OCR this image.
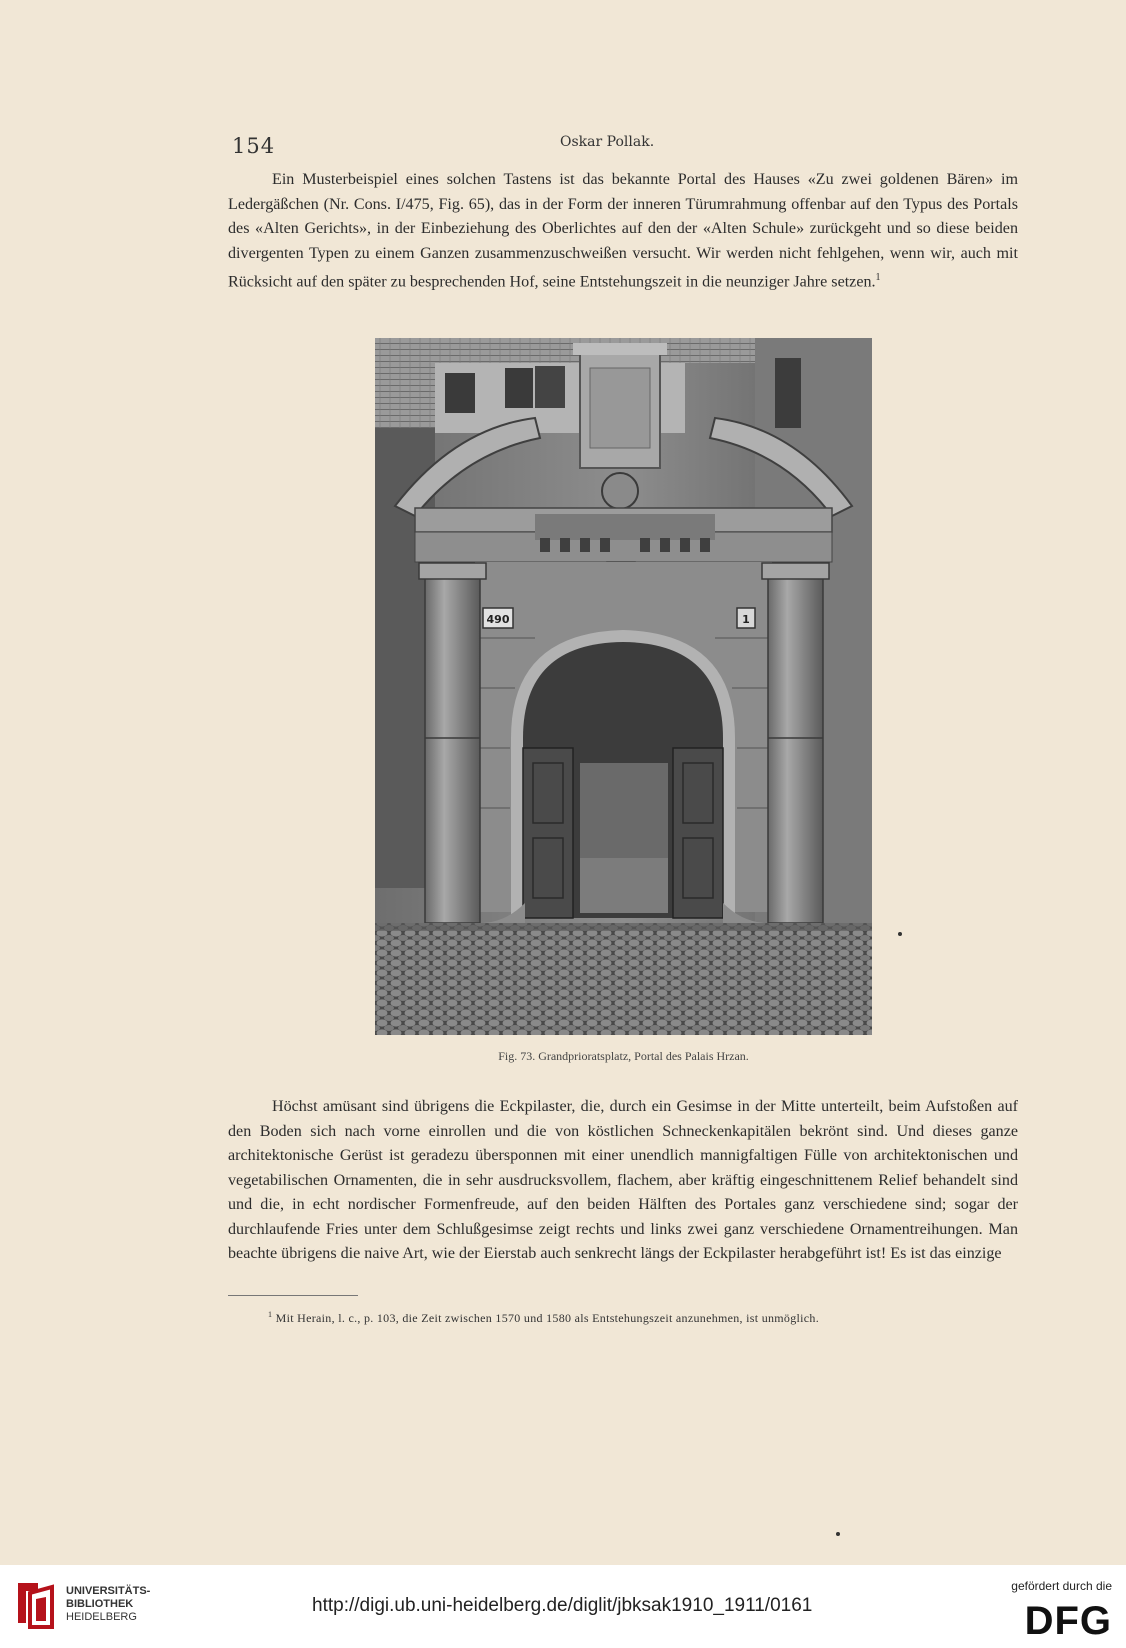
154	Oskar Pollak.

Ein Musterbeispiel eines solchen Tastens ist das bekannte Portal des Hauses «Zu zwei goldenen Bären» im Ledergäßchen (Nr. Cons. I/475, Fig. 65), das in der Form der inneren Türumrahmung offenbar auf den Typus des Portals des «Alten Gerichts», in der Einbeziehung des Oberlichtes auf den der «Alten Schule» zurückgeht und so diese beiden divergenten Typen zu einem Ganzen zusammenzuschweißen versucht. Wir werden nicht fehlgehen, wenn wir, auch mit Rücksicht auf den später zu besprechenden Hof, seine Entstehungszeit in die neunziger Jahre setzen.$^1$

490	1
Fig. 73. Grandprioratsplatz, Portal des Palais Hrzan.

Höchst amüsant sind übrigens die Eckpilaster, die, durch ein Gesimse in der Mitte unterteilt, beim Aufstoßen auf den Boden sich nach vorne einrollen und die von köstlichen Schneckenkapitälen bekrönt sind. Und dieses ganze architektonische Gerüst ist geradezu übersponnen mit einer unendlich mannigfaltigen Fülle von architektonischen und vegetabilischen Ornamenten, die in sehr ausdrucksvollem, flachem, aber kräftig eingeschnittenem Relief behandelt sind und die, in echt nordischer Formenfreude, auf den beiden Hälften des Portales ganz verschiedene sind; sogar der durchlaufende Fries unter dem Schlußgesimse zeigt rechts und links zwei ganz verschiedene Ornamentreihungen. Man beachte übrigens die naive Art, wie der Eierstab auch senkrecht längs der Eckpilaster herabgeführt ist! Es ist das einzige

$^1$ Mit Herain, l. c., p. 103, die Zeit zwischen 1570 und 1580 als Entstehungszeit anzunehmen, ist unmöglich.
UNIVERSITÄTS-
BIBLIOTHEK
HEIDELBERG
http://digi.ub.uni-heidelberg.de/diglit/jbksak1910_1911/0161
gefördert durch die
DFG
